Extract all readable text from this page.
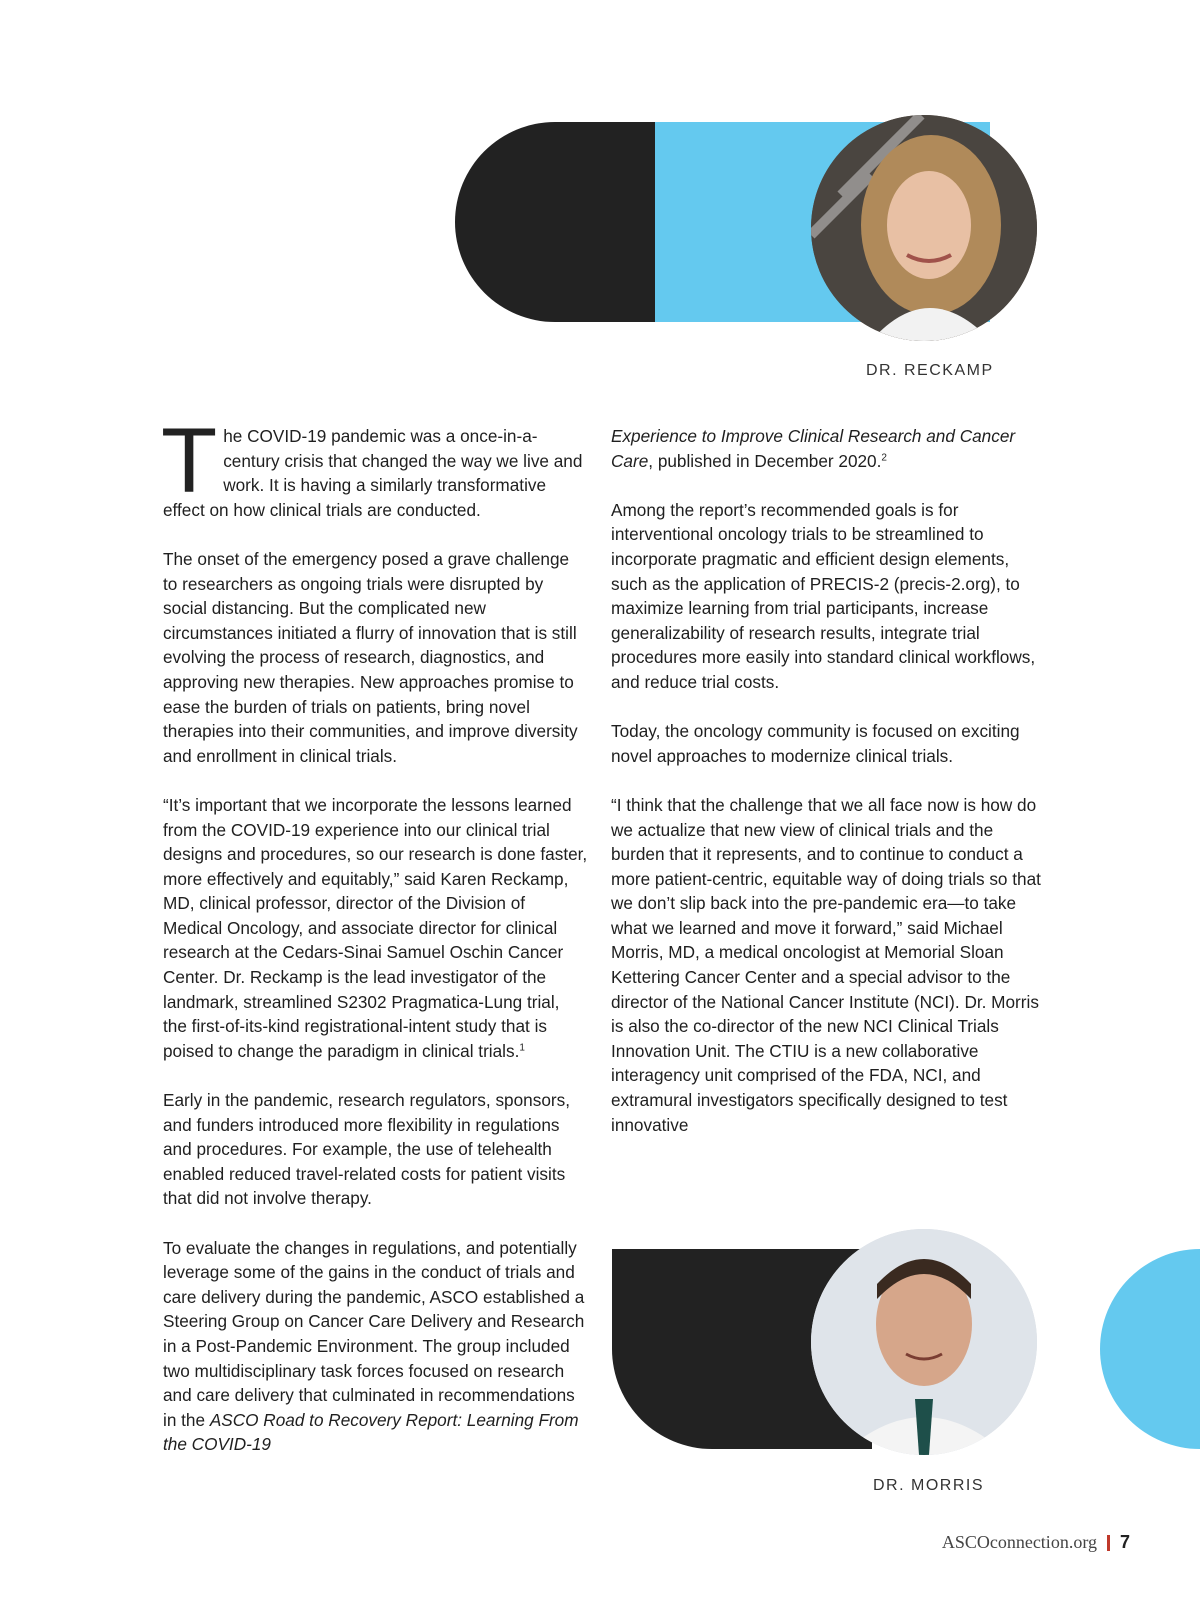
DR. RECKAMP

The COVID-19 pandemic was a once-in-a-century crisis that changed the way we live and work. It is having a similarly transformative effect on how clinical trials are conducted.

The onset of the emergency posed a grave challenge to researchers as ongoing trials were disrupted by social distancing. But the complicated new circumstances initiated a flurry of innovation that is still evolving the process of research, diagnostics, and approving new therapies. New approaches promise to ease the burden of trials on patients, bring novel therapies into their communities, and improve diversity and enrollment in clinical trials.

“It’s important that we incorporate the lessons learned from the COVID-19 experience into our clinical trial designs and procedures, so our research is done faster, more effectively and equitably,” said Karen Reckamp, MD, clinical professor, director of the Division of Medical Oncology, and associate director for clinical research at the Cedars-Sinai Samuel Oschin Cancer Center. Dr. Reckamp is the lead investigator of the landmark, streamlined S2302 Pragmatica-Lung trial, the first-of-its-kind registrational-intent study that is poised to change the paradigm in clinical trials.$^1$

Early in the pandemic, research regulators, sponsors, and funders introduced more flexibility in regulations and procedures. For example, the use of telehealth enabled reduced travel-related costs for patient visits that did not involve therapy.

To evaluate the changes in regulations, and potentially leverage some of the gains in the conduct of trials and care delivery during the pandemic, ASCO established a Steering Group on Cancer Care Delivery and Research in a Post-Pandemic Environment. The group included two multidisciplinary task forces focused on research and care delivery that culminated in recommendations in the ASCO Road to Recovery Report: Learning From the COVID-19

Experience to Improve Clinical Research and Cancer Care, published in December 2020.$^2$

Among the report’s recommended goals is for interventional oncology trials to be streamlined to incorporate pragmatic and efficient design elements, such as the application of PRECIS-2 (precis-2.org), to maximize learning from trial participants, increase generalizability of research results, integrate trial procedures more easily into standard clinical workflows, and reduce trial costs.

Today, the oncology community is focused on exciting novel approaches to modernize clinical trials.

“I think that the challenge that we all face now is how do we actualize that new view of clinical trials and the burden that it represents, and to continue to conduct a more patient-centric, equitable way of doing trials so that we don’t slip back into the pre-pandemic era—to take what we learned and move it forward,” said Michael Morris, MD, a medical oncologist at Memorial Sloan Kettering Cancer Center and a special advisor to the director of the National Cancer Institute (NCI). Dr. Morris is also the co-director of the new NCI Clinical Trials Innovation Unit. The CTIU is a new collaborative interagency unit comprised of the FDA, NCI, and extramural investigators specifically designed to test innovative

DR. MORRIS
ASCOconnection.org 7
